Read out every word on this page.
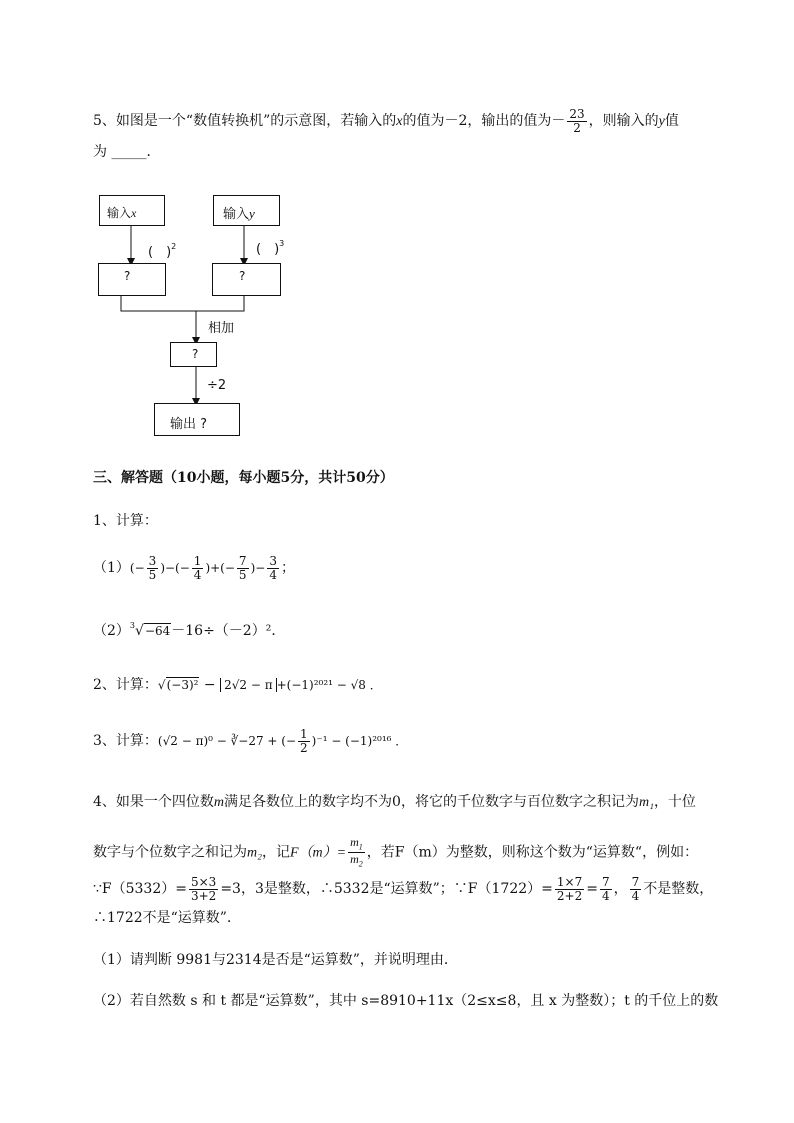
5、如图是一个“数值转换机”的示意图，若输入的x的值为－2，输出的值为－ $\frac{23}{2}$ ，则输入的y值
为 _____．
输入x	输入y
(　)$^2$	(　)$^3$
?	?
相加
?
÷2
输出 ?
三、解答题（10小题，每小题5分，共计50分）
1、计算：
$(1)(- \frac{3}{5}$ )−(− $\frac{1}{4}$ )+(− $\frac{7}{5}$ )− $\frac{3}{4}$ ；
$(2)^3√-64-16\div(-2)^2$．
2、计算：√(−3)² − 2√2 − π +(−1)²⁰²¹ − √8 ．
3、计算：(√2 − π)⁰ − ∛−27 + (− $\frac{1}{2} )^{-1} - (-1)^{2016}$ ．
4、如果一个四位数m满足各数位上的数字均不为0，将它的千位数字与百位数字之积记为m₁，十位
数字与个位数字之和记为m₂，记$F(m)= \frac{m_1}{m_2}$ ，若F（m）为整数，则称这个数为“运算数“，例如：
∵F（5332）= $\frac{5\times 3}{3+2} =3$，3是整数，∴5332是“运算数”；∵F（1722）= $\frac{1\times 7}{2+2} = \frac{7}{4}$ ， $\frac{7}{4}$ 不是整数，
∴1722不是“运算数”．
（1）请判断 9981与2314是否是“运算数”，并说明理由．
（2）若自然数 s 和 t 都是“运算数”，其中 s=8910+11x（2≤x≤8，且 x 为整数）；t 的千位上的数
